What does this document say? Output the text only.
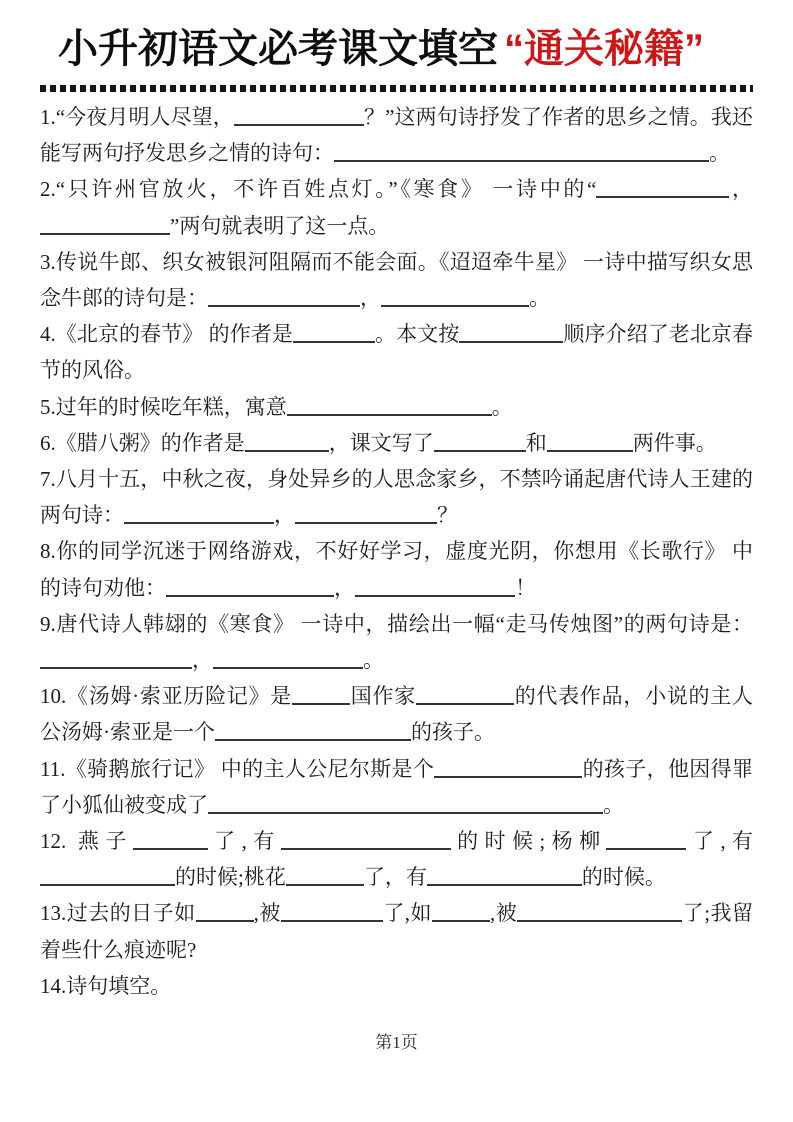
小升初语文必考课文填空 “通关秘籍”

1.“今夜月明人尽望，	？”这两句诗抒发了作者的思乡之情。我还能写两句抒发思乡之情的诗句：	。

2.“只许州官放火，不许百姓点灯。”《寒食》 一诗中的“	，”两句就表明了这一点。

3.传说牛郎、织女被银河阻隔而不能会面。《迢迢牵牛星》 一诗中描写织女思念牛郎的诗句是：	，	。

4.《北京的春节》 的作者是	。本文按	顺序介绍了老北京春节的风俗。

5.过年的时候吃年糕，寓意	。

6.《腊八粥》的作者是	，课文写了	和	两件事。

7.八月十五，中秋之夜，身处异乡的人思念家乡，不禁吟诵起唐代诗人王建的两句诗：	，	？

8.你的同学沉迷于网络游戏，不好好学习，虚度光阴，你想用《长歌行》 中的诗句劝他：	，	！

9.唐代诗人韩翃的《寒食》 一诗中，描绘出一幅“走马传烛图”的两句诗是：，	。

10.《汤姆·索亚历险记》是	国作家	的代表作品，小说的主人公汤姆·索亚是一个	的孩子。

11.《骑鹅旅行记》 中的主人公尼尔斯是个	的孩子，他因得罪了小狐仙被变成了	。

12. 燕子	了,有	的时候;杨柳	了,有的时候;桃花	了，有	的时候。

13.过去的日子如	,被	了,如	,被	了;我留着些什么痕迹呢?

14.诗句填空。

第1页
